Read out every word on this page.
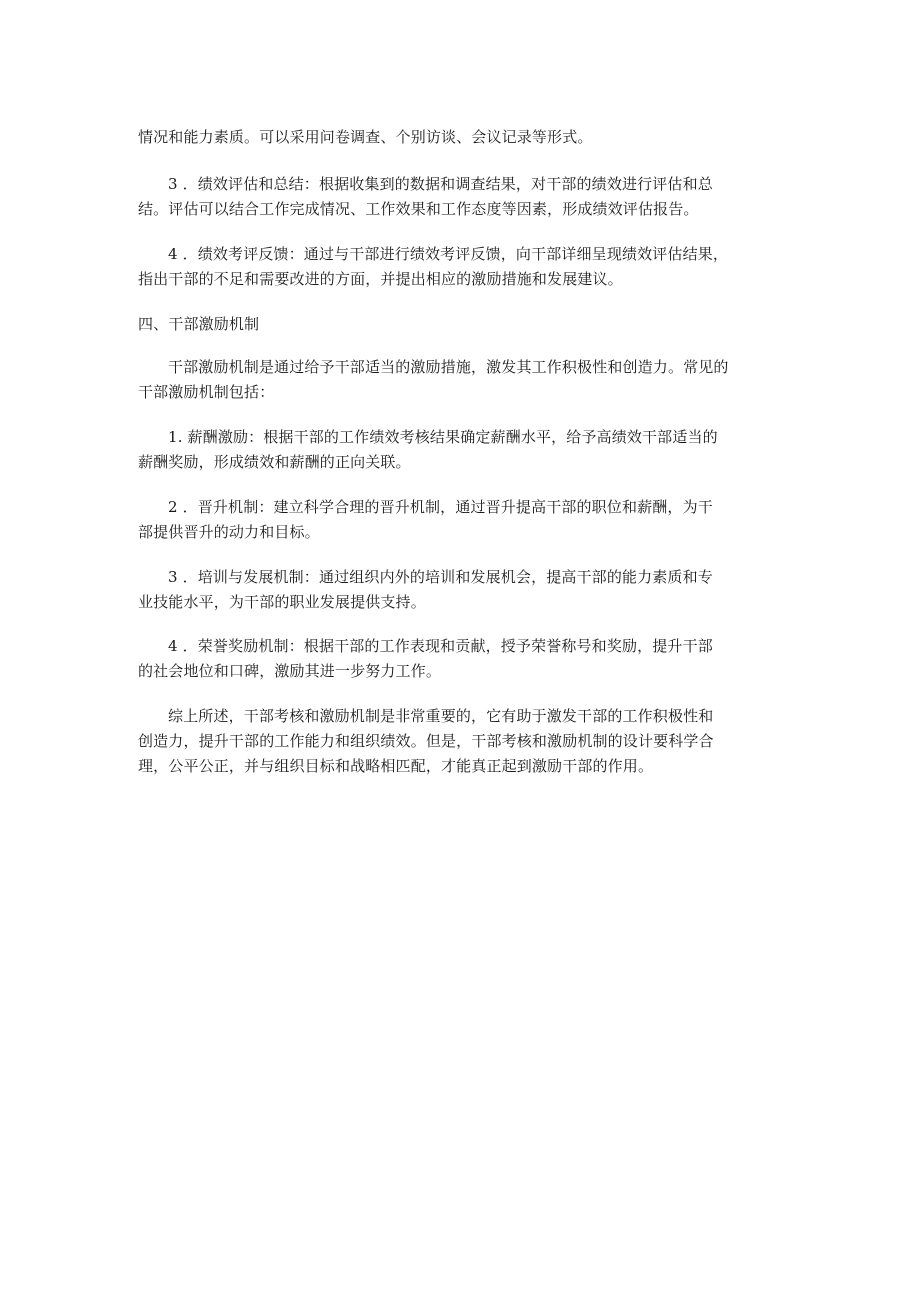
情况和能力素质。可以采用问卷调查、个别访谈、会议记录等形式。

3 ．绩效评估和总结：根据收集到的数据和调查结果，对干部的绩效进行评估和总
结。评估可以结合工作完成情况、工作效果和工作态度等因素，形成绩效评估报告。

4 ．绩效考评反馈：通过与干部进行绩效考评反馈，向干部详细呈现绩效评估结果，
指出干部的不足和需要改进的方面，并提出相应的激励措施和发展建议。

四、干部激励机制

干部激励机制是通过给予干部适当的激励措施，激发其工作积极性和创造力。常见的
干部激励机制包括：

1. 薪酬激励：根据干部的工作绩效考核结果确定薪酬水平，给予高绩效干部适当的
薪酬奖励，形成绩效和薪酬的正向关联。

2 ．晋升机制：建立科学合理的晋升机制，通过晋升提高干部的职位和薪酬，为干
部提供晋升的动力和目标。

3 ．培训与发展机制：通过组织内外的培训和发展机会，提高干部的能力素质和专
业技能水平，为干部的职业发展提供支持。

4 ．荣誉奖励机制：根据干部的工作表现和贡献，授予荣誉称号和奖励，提升干部
的社会地位和口碑，激励其进一步努力工作。

综上所述，干部考核和激励机制是非常重要的，它有助于激发干部的工作积极性和
创造力，提升干部的工作能力和组织绩效。但是，干部考核和激励机制的设计要科学合
理，公平公正，并与组织目标和战略相匹配，才能真正起到激励干部的作用。
